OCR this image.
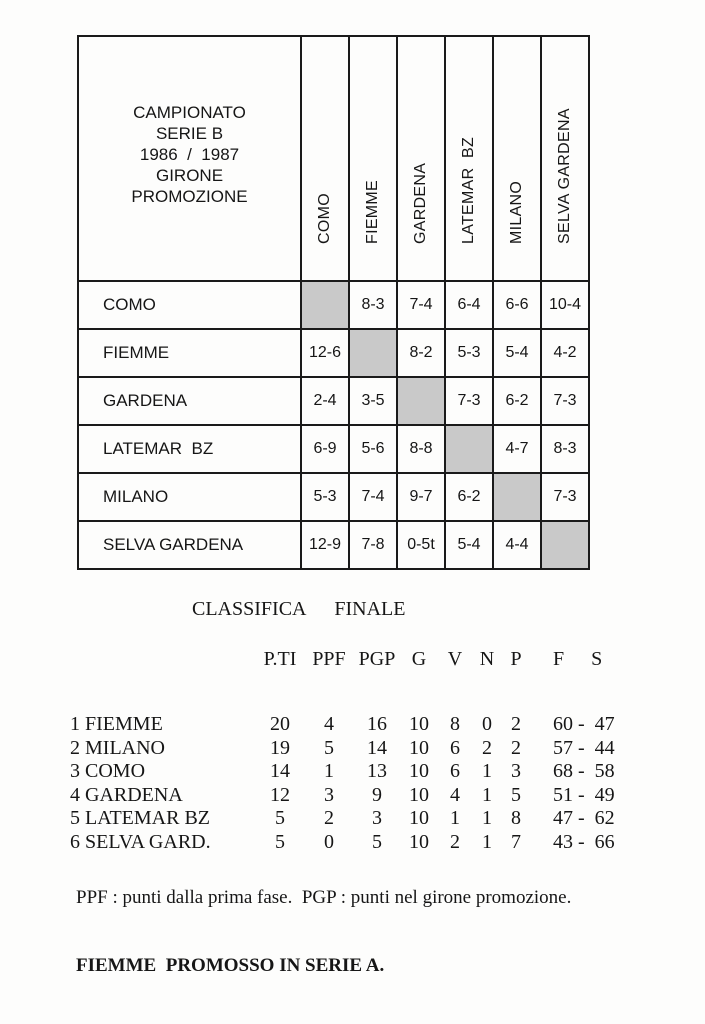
CAMPIONATO
SERIE B
1986  /  1987
GIRONE
PROMOZIONE	COMO	FIEMME	GARDENA	LATEMAR  BZ	MILANO	SELVA GARDENA

COMO		8-3	7-4	6-4	6-6	10-4
FIEMME	12-6		8-2	5-3	5-4	4-2
GARDENA	2-4	3-5		7-3	6-2	7-3
LATEMAR  BZ	6-9	5-6	8-8		4-7	8-3
MILANO	5-3	7-4	9-7	6-2		7-3
SELVA GARDENA	12-9	7-8	0-5t	5-4	4-4	
CLASSIFICA FINALE
	P.TI	PPF	PGP	G	V	N	P	F S
1 FIEMME	20	4	16	10	8	0	2	60 -  47
2 MILANO	19	5	14	10	6	2	2	57 -  44
3 COMO	14	1	13	10	6	1	3	68 -  58
4 GARDENA	12	3	9	10	4	1	5	51 -  49
5 LATEMAR BZ	5	2	3	10	1	1	8	47 -  62
6 SELVA GARD.	5	0	5	10	2	1	7	43 -  66
PPF : punti dalla prima fase.  PGP : punti nel girone promozione.
FIEMME  PROMOSSO IN SERIE A.
